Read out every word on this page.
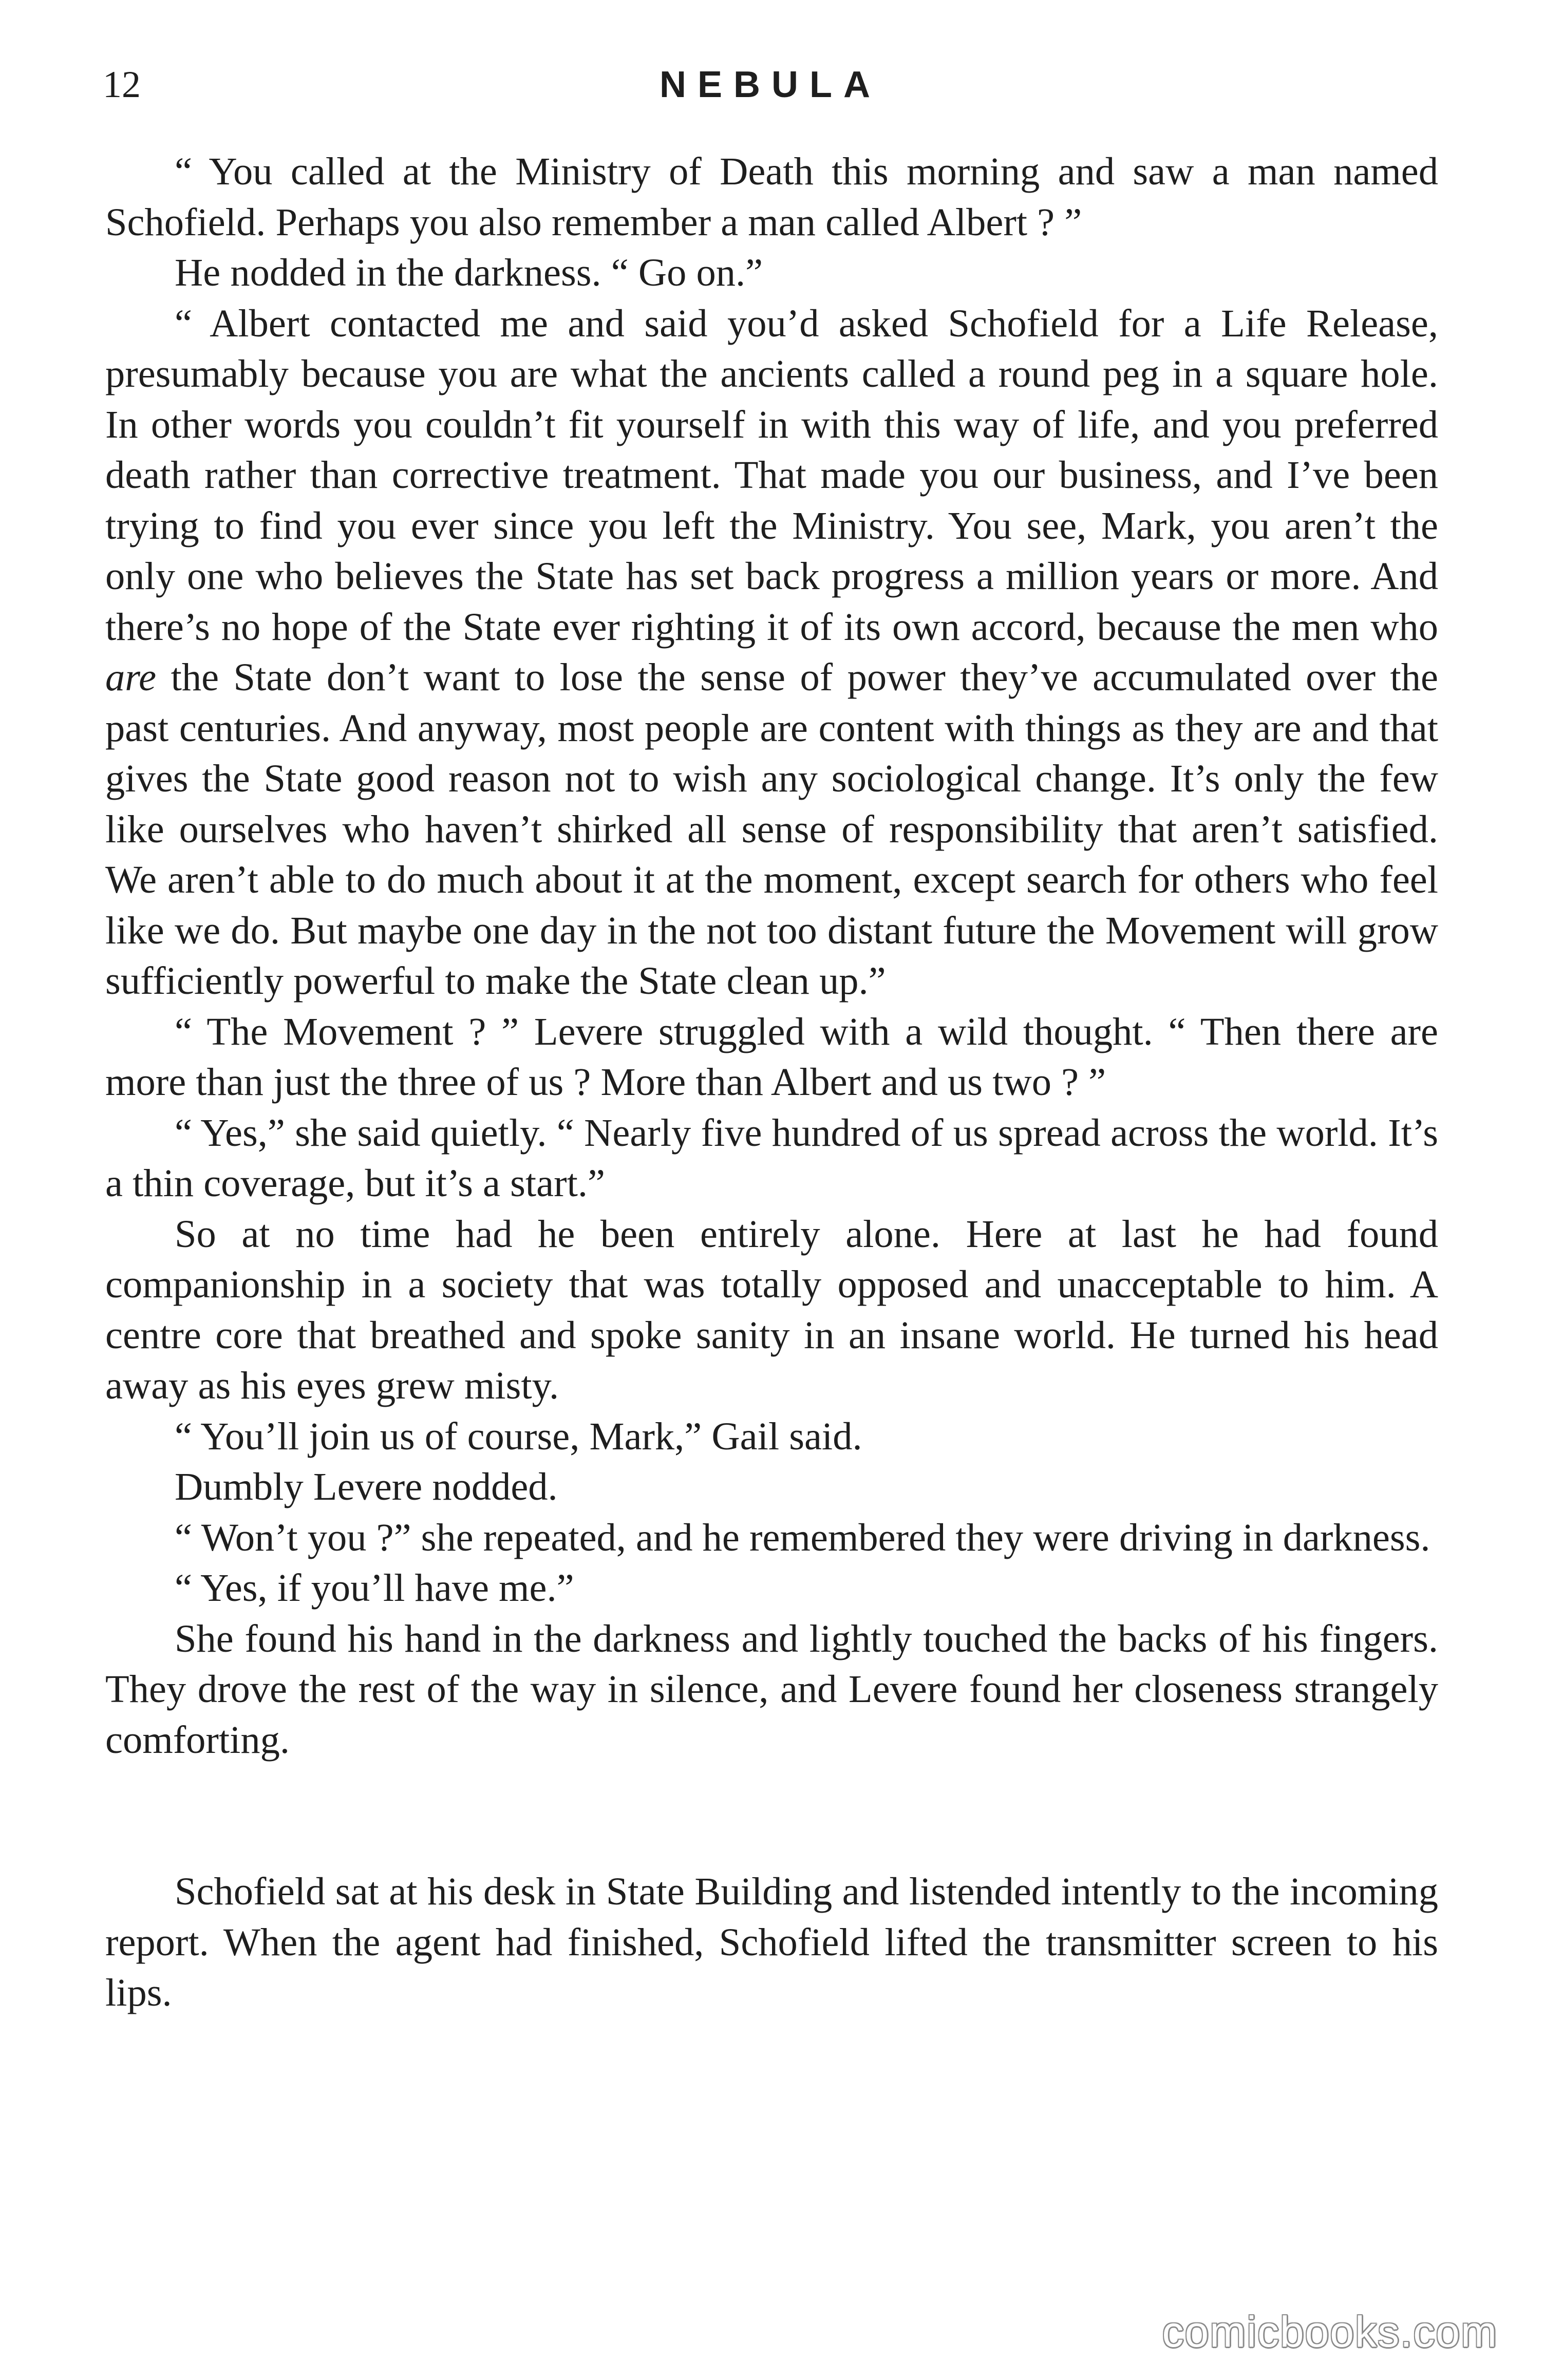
12	NEBULA

“ You called at the Ministry of Death this morning and saw a man named Schofield. Perhaps you also remember a man called Albert ? ”

He nodded in the darkness. “ Go on.”

“ Albert contacted me and said you’d asked Schofield for a Life Release, presumably because you are what the ancients called a round peg in a square hole. In other words you couldn’t fit yourself in with this way of life, and you preferred death rather than corrective treatment. That made you our business, and I’ve been trying to find you ever since you left the Ministry. You see, Mark, you aren’t the only one who believes the State has set back progress a million years or more. And there’s no hope of the State ever righting it of its own accord, because the men who are the State don’t want to lose the sense of power they’ve accumulated over the past centuries. And anyway, most people are content with things as they are and that gives the State good reason not to wish any sociological change. It’s only the few like ourselves who haven’t shirked all sense of responsibility that aren’t satisfied. We aren’t able to do much about it at the moment, except search for others who feel like we do. But maybe one day in the not too distant future the Movement will grow sufficiently powerful to make the State clean up.”

“ The Movement ? ” Levere struggled with a wild thought. “ Then there are more than just the three of us ? More than Albert and us two ? ”

“ Yes,” she said quietly. “ Nearly five hundred of us spread across the world. It’s a thin coverage, but it’s a start.”

So at no time had he been entirely alone. Here at last he had found companionship in a society that was totally opposed and unacceptable to him. A centre core that breathed and spoke sanity in an insane world. He turned his head away as his eyes grew misty.

“ You’ll join us of course, Mark,” Gail said.

Dumbly Levere nodded.

“ Won’t you ?” she repeated, and he remembered they were driving in darkness.

“ Yes, if you’ll have me.”

She found his hand in the darkness and lightly touched the backs of his fingers. They drove the rest of the way in silence, and Levere found her closeness strangely comforting.

Schofield sat at his desk in State Building and listended intently to the incoming report. When the agent had finished, Schofield lifted the transmitter screen to his lips.

comicbooks.com
